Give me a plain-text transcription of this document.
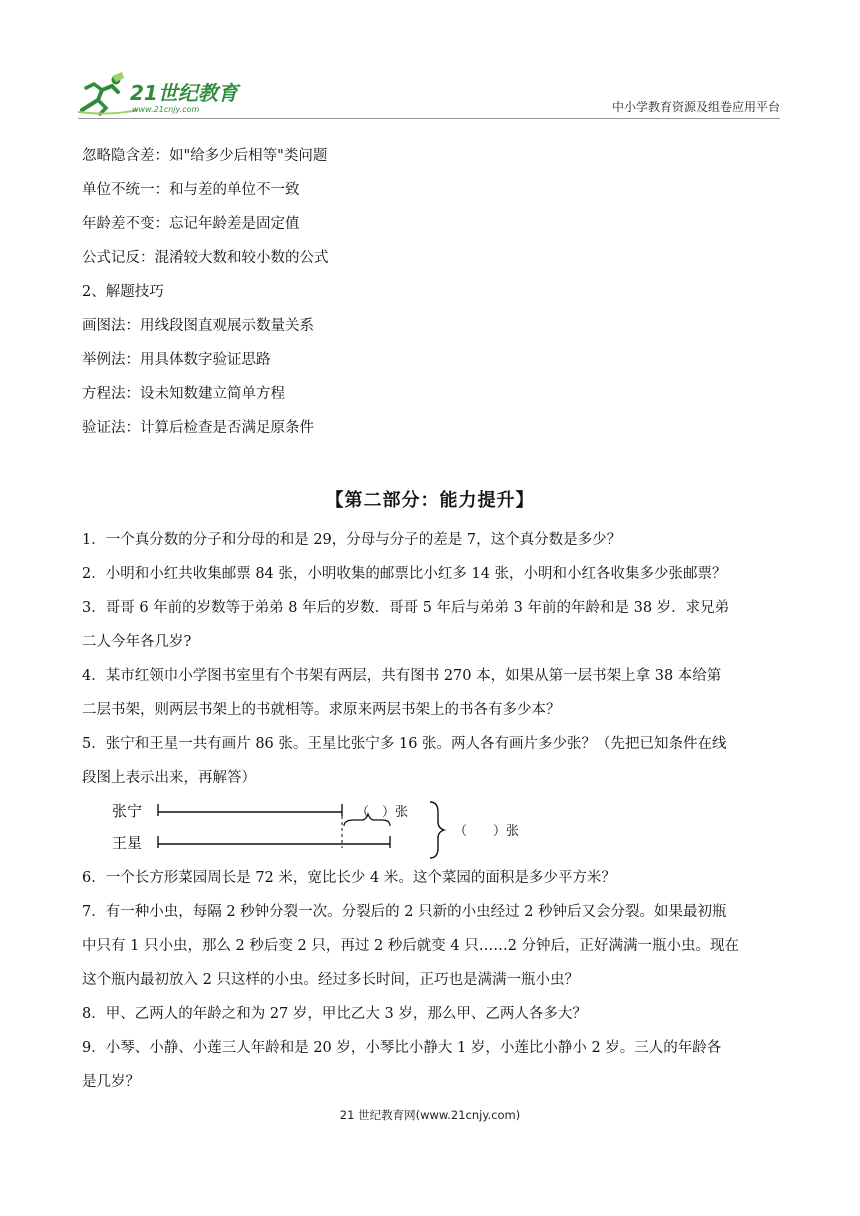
21世纪教育
www.21cnjy.com	中小学教育资源及组卷应用平台
忽略隐含差：如"给多少后相等"类问题
单位不统一：和与差的单位不一致
年龄差不变：忘记年龄差是固定值
公式记反：混淆较大数和较小数的公式
2、解题技巧
画图法：用线段图直观展示数量关系
举例法：用具体数字验证思路
方程法：设未知数建立简单方程
验证法：计算后检查是否满足原条件
【第二部分：能力提升】
1．一个真分数的分子和分母的和是 29，分母与分子的差是 7，这个真分数是多少？
2．小明和小红共收集邮票 84 张，小明收集的邮票比小红多 14 张，小明和小红各收集多少张邮票？
3．哥哥 6 年前的岁数等于弟弟 8 年后的岁数．哥哥 5 年后与弟弟 3 年前的年龄和是 38 岁．求兄弟
二人今年各几岁?
4．某市红领巾小学图书室里有个书架有两层，共有图书 270 本，如果从第一层书架上拿 38 本给第
二层书架，则两层书架上的书就相等。求原来两层书架上的书各有多少本？
5．张宁和王星一共有画片 86 张。王星比张宁多 16 张。两人各有画片多少张？（先把已知条件在线
段图上表示出来，再解答）
张宁
王星
（　）张
（　　）张
6．一个长方形菜园周长是 72 米，宽比长少 4 米。这个菜园的面积是多少平方米？
7．有一种小虫，每隔 2 秒钟分裂一次。分裂后的 2 只新的小虫经过 2 秒钟后又会分裂。如果最初瓶
中只有 1 只小虫，那么 2 秒后变 2 只，再过 2 秒后就变 4 只……2 分钟后，正好满满一瓶小虫。现在
这个瓶内最初放入 2 只这样的小虫。经过多长时间，正巧也是满满一瓶小虫？
8．甲、乙两人的年龄之和为 27 岁，甲比乙大 3 岁，那么甲、乙两人各多大？
9．小琴、小静、小莲三人年龄和是 20 岁，小琴比小静大 1 岁，小莲比小静小 2 岁。三人的年龄各
是几岁？
21 世纪教育网(www.21cnjy.com)
